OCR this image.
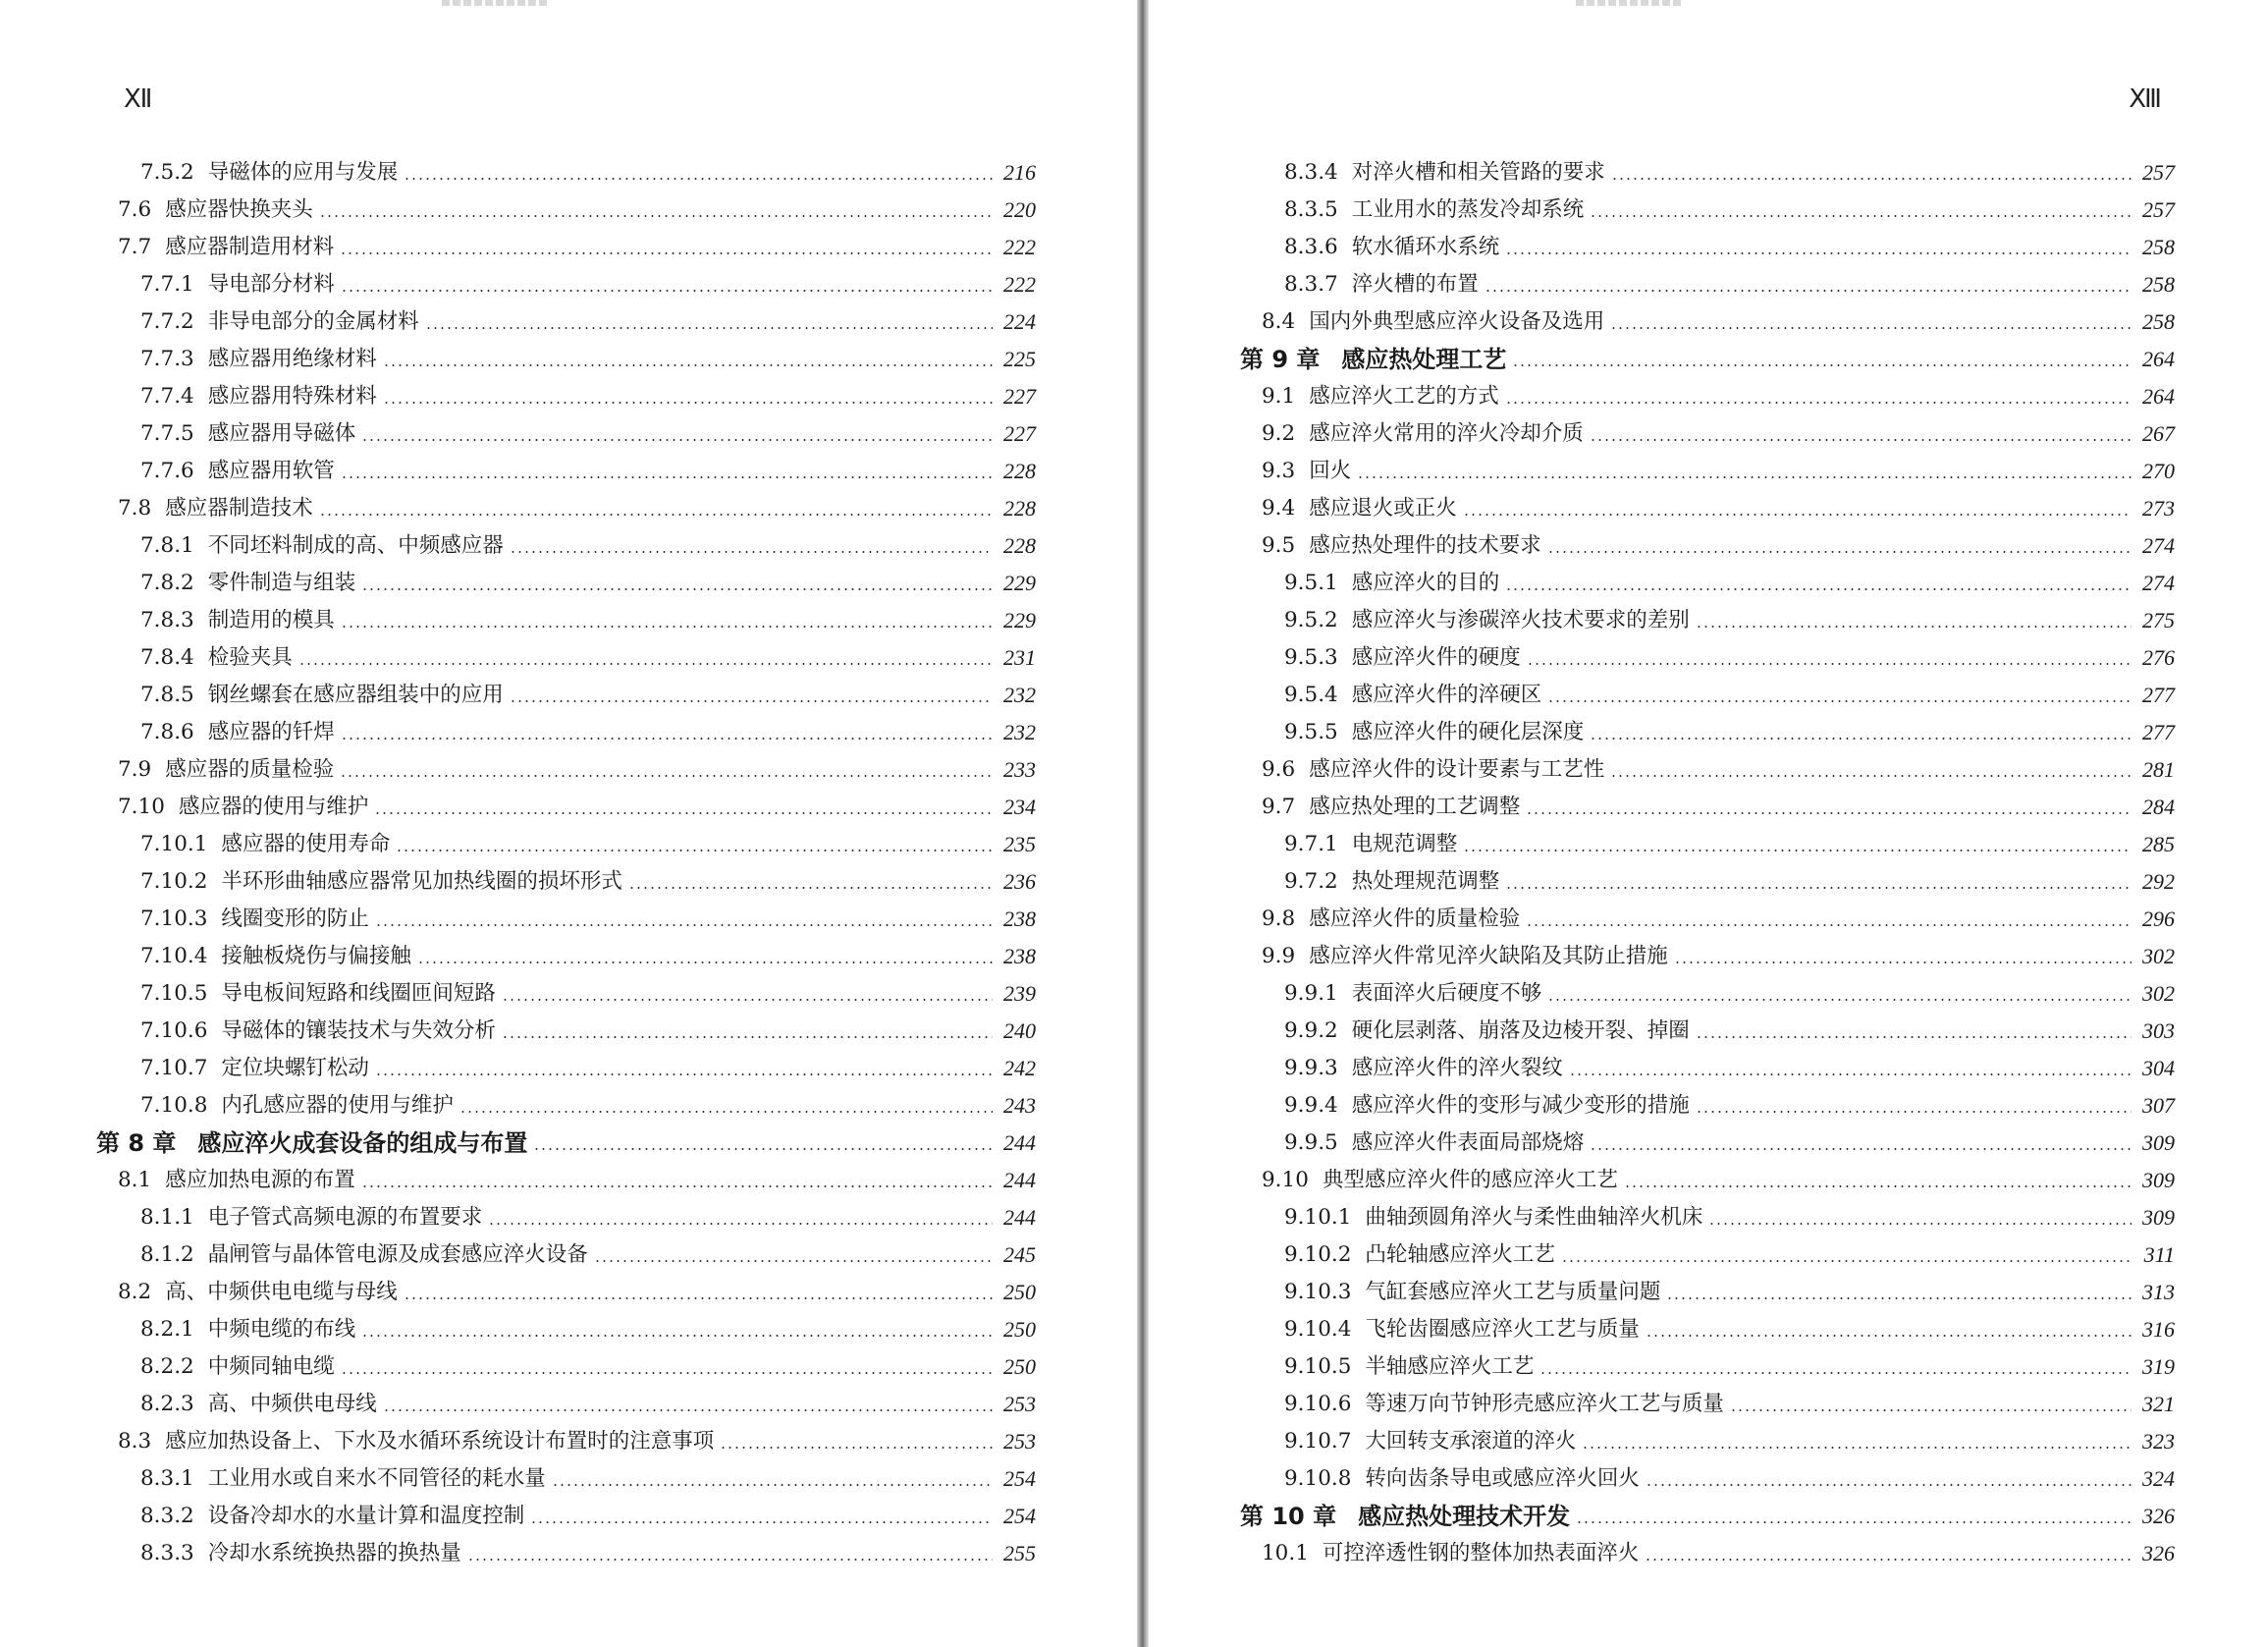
Ⅻ
7.5.2 导磁体的应用与发展	216
7.6 感应器快换夹头	220
7.7 感应器制造用材料	222
7.7.1 导电部分材料	222
7.7.2 非导电部分的金属材料	224
7.7.3 感应器用绝缘材料	225
7.7.4 感应器用特殊材料	227
7.7.5 感应器用导磁体	227
7.7.6 感应器用软管	228
7.8 感应器制造技术	228
7.8.1 不同坯料制成的高、中频感应器	228
7.8.2 零件制造与组装	229
7.8.3 制造用的模具	229
7.8.4 检验夹具	231
7.8.5 钢丝螺套在感应器组装中的应用	232
7.8.6 感应器的钎焊	232
7.9 感应器的质量检验	233
7.10 感应器的使用与维护	234
7.10.1 感应器的使用寿命	235
7.10.2 半环形曲轴感应器常见加热线圈的损坏形式	236
7.10.3 线圈变形的防止	238
7.10.4 接触板烧伤与偏接触	238
7.10.5 导电板间短路和线圈匝间短路	239
7.10.6 导磁体的镶装技术与失效分析	240
7.10.7 定位块螺钉松动	242
7.10.8 内孔感应器的使用与维护	243
第 8 章 感应淬火成套设备的组成与布置	244
8.1 感应加热电源的布置	244
8.1.1 电子管式高频电源的布置要求	244
8.1.2 晶闸管与晶体管电源及成套感应淬火设备	245
8.2 高、中频供电电缆与母线	250
8.2.1 中频电缆的布线	250
8.2.2 中频同轴电缆	250
8.2.3 高、中频供电母线	253
8.3 感应加热设备上、下水及水循环系统设计布置时的注意事项	253
8.3.1 工业用水或自来水不同管径的耗水量	254
8.3.2 设备冷却水的水量计算和温度控制	254
8.3.3 冷却水系统换热器的换热量	255
ⅩⅢ
8.3.4 对淬火槽和相关管路的要求	257
8.3.5 工业用水的蒸发冷却系统	257
8.3.6 软水循环水系统	258
8.3.7 淬火槽的布置	258
8.4 国内外典型感应淬火设备及选用	258
第 9 章 感应热处理工艺	264
9.1 感应淬火工艺的方式	264
9.2 感应淬火常用的淬火冷却介质	267
9.3 回火	270
9.4 感应退火或正火	273
9.5 感应热处理件的技术要求	274
9.5.1 感应淬火的目的	274
9.5.2 感应淬火与渗碳淬火技术要求的差别	275
9.5.3 感应淬火件的硬度	276
9.5.4 感应淬火件的淬硬区	277
9.5.5 感应淬火件的硬化层深度	277
9.6 感应淬火件的设计要素与工艺性	281
9.7 感应热处理的工艺调整	284
9.7.1 电规范调整	285
9.7.2 热处理规范调整	292
9.8 感应淬火件的质量检验	296
9.9 感应淬火件常见淬火缺陷及其防止措施	302
9.9.1 表面淬火后硬度不够	302
9.9.2 硬化层剥落、崩落及边棱开裂、掉圈	303
9.9.3 感应淬火件的淬火裂纹	304
9.9.4 感应淬火件的变形与减少变形的措施	307
9.9.5 感应淬火件表面局部烧熔	309
9.10 典型感应淬火件的感应淬火工艺	309
9.10.1 曲轴颈圆角淬火与柔性曲轴淬火机床	309
9.10.2 凸轮轴感应淬火工艺	311
9.10.3 气缸套感应淬火工艺与质量问题	313
9.10.4 飞轮齿圈感应淬火工艺与质量	316
9.10.5 半轴感应淬火工艺	319
9.10.6 等速万向节钟形壳感应淬火工艺与质量	321
9.10.7 大回转支承滚道的淬火	323
9.10.8 转向齿条导电或感应淬火回火	324
第 10 章 感应热处理技术开发	326
10.1 可控淬透性钢的整体加热表面淬火	326
